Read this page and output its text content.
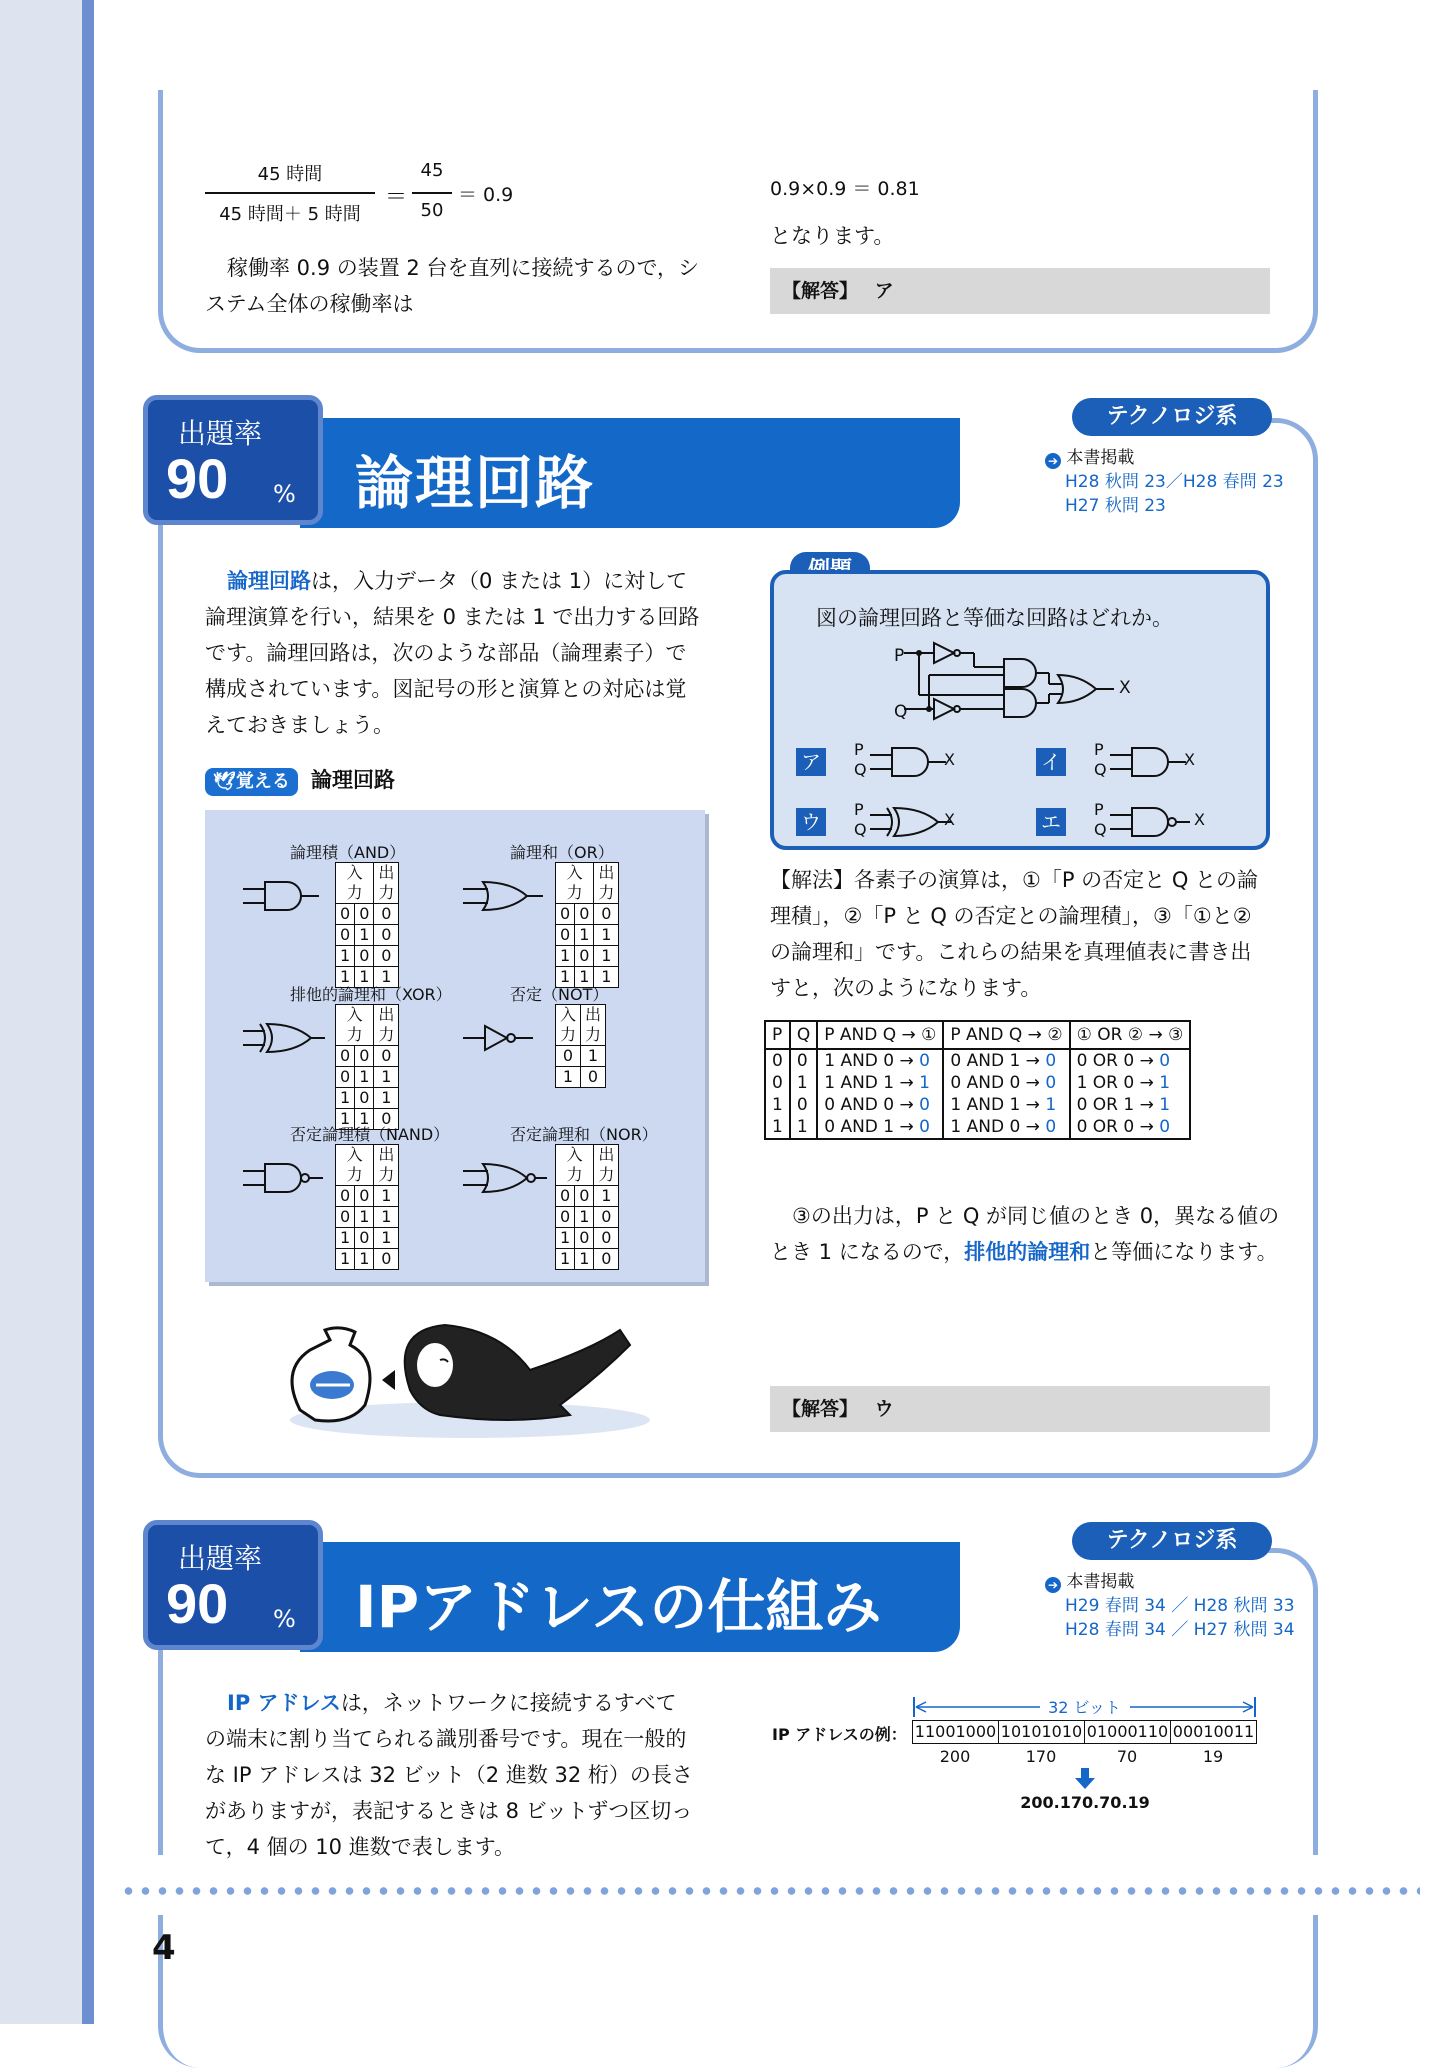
45 時間
45 時間＋ 5 時間
＝
45
50
＝ 0.9
稼働率 0.9 の装置 2 台を直列に接続するので，シ
ステム全体の稼働率は
0.9×0.9 ＝ 0.81
となります。
【解答】 ア
論理回路
出題率
90 %
テクノロジ系
➔ 本書掲載
H28 秋問 23／H28 春問 23
H27 秋問 23
論理回路は，入力データ（0 または 1）に対して
論理演算を行い，結果を 0 または 1 で出力する回路
です。論理回路は，次のような部品（論理素子）で
構成されています。図記号の形と演算との対応は覚
えておきましょう。
🕊覚える 論理回路
論理積（AND）
入力		出力
0	0	0
0	1	0
1	0	0
1	1	1
論理和（OR）
入力		出力
0	0	0
0	1	1
1	0	1
1	1	1
排他的論理和（XOR）
入力		出力
0	0	0
0	1	1
1	0	1
1	1	0
否定（NOT）
入力	出力
0	1
1	0
否定論理積（NAND）
入力		出力
0	0	1
0	1	1
1	0	1
1	1	0
否定論理和（NOR）
入力		出力
0	0	1
0	1	0
1	0	0
1	1	0
図の論理回路と等価な回路はどれか。
P
Q
X
ア
P
Q
X	イ
P
Q
X
ウ
P
Q
X	エ
P
Q
X
【解法】各素子の演算は，①「P の否定と Q との論
理積」，②「P と Q の否定との論理積」，③「①と②
の論理和」です。これらの結果を真理値表に書き出
すと，次のようになります。
P	Q	P AND Q → ①	P AND Q → ②	① OR ② → ③
0	0	1 AND 0 → 0	0 AND 1 → 0	0 OR 0 → 0
0	1	1 AND 1 → 1	0 AND 0 → 0	1 OR 0 → 1
1	0	0 AND 0 → 0	1 AND 1 → 1	0 OR 1 → 1
1	1	0 AND 1 → 0	1 AND 0 → 0	0 OR 0 → 0
③の出力は，P と Q が同じ値のとき 0，異なる値の
とき 1 になるので，排他的論理和と等価になります。
【解答】 ウ
IPアドレスの仕組み
出題率
90 %
テクノロジ系
➔ 本書掲載
H29 春問 34 ／ H28 秋問 33
H28 春問 34 ／ H27 秋問 34
IP アドレスは，ネットワークに接続するすべて
の端末に割り当てられる識別番号です。現在一般的
な IP アドレスは 32 ビット（2 進数 32 桁）の長さ
がありますが，表記するときは 8 ビットずつ区切っ
て，4 個の 10 進数で表します。
32 ビット
IP アドレスの例： 11001000 10101010 01000110 00010011
200	170	70	19
200.170.70.19
4
